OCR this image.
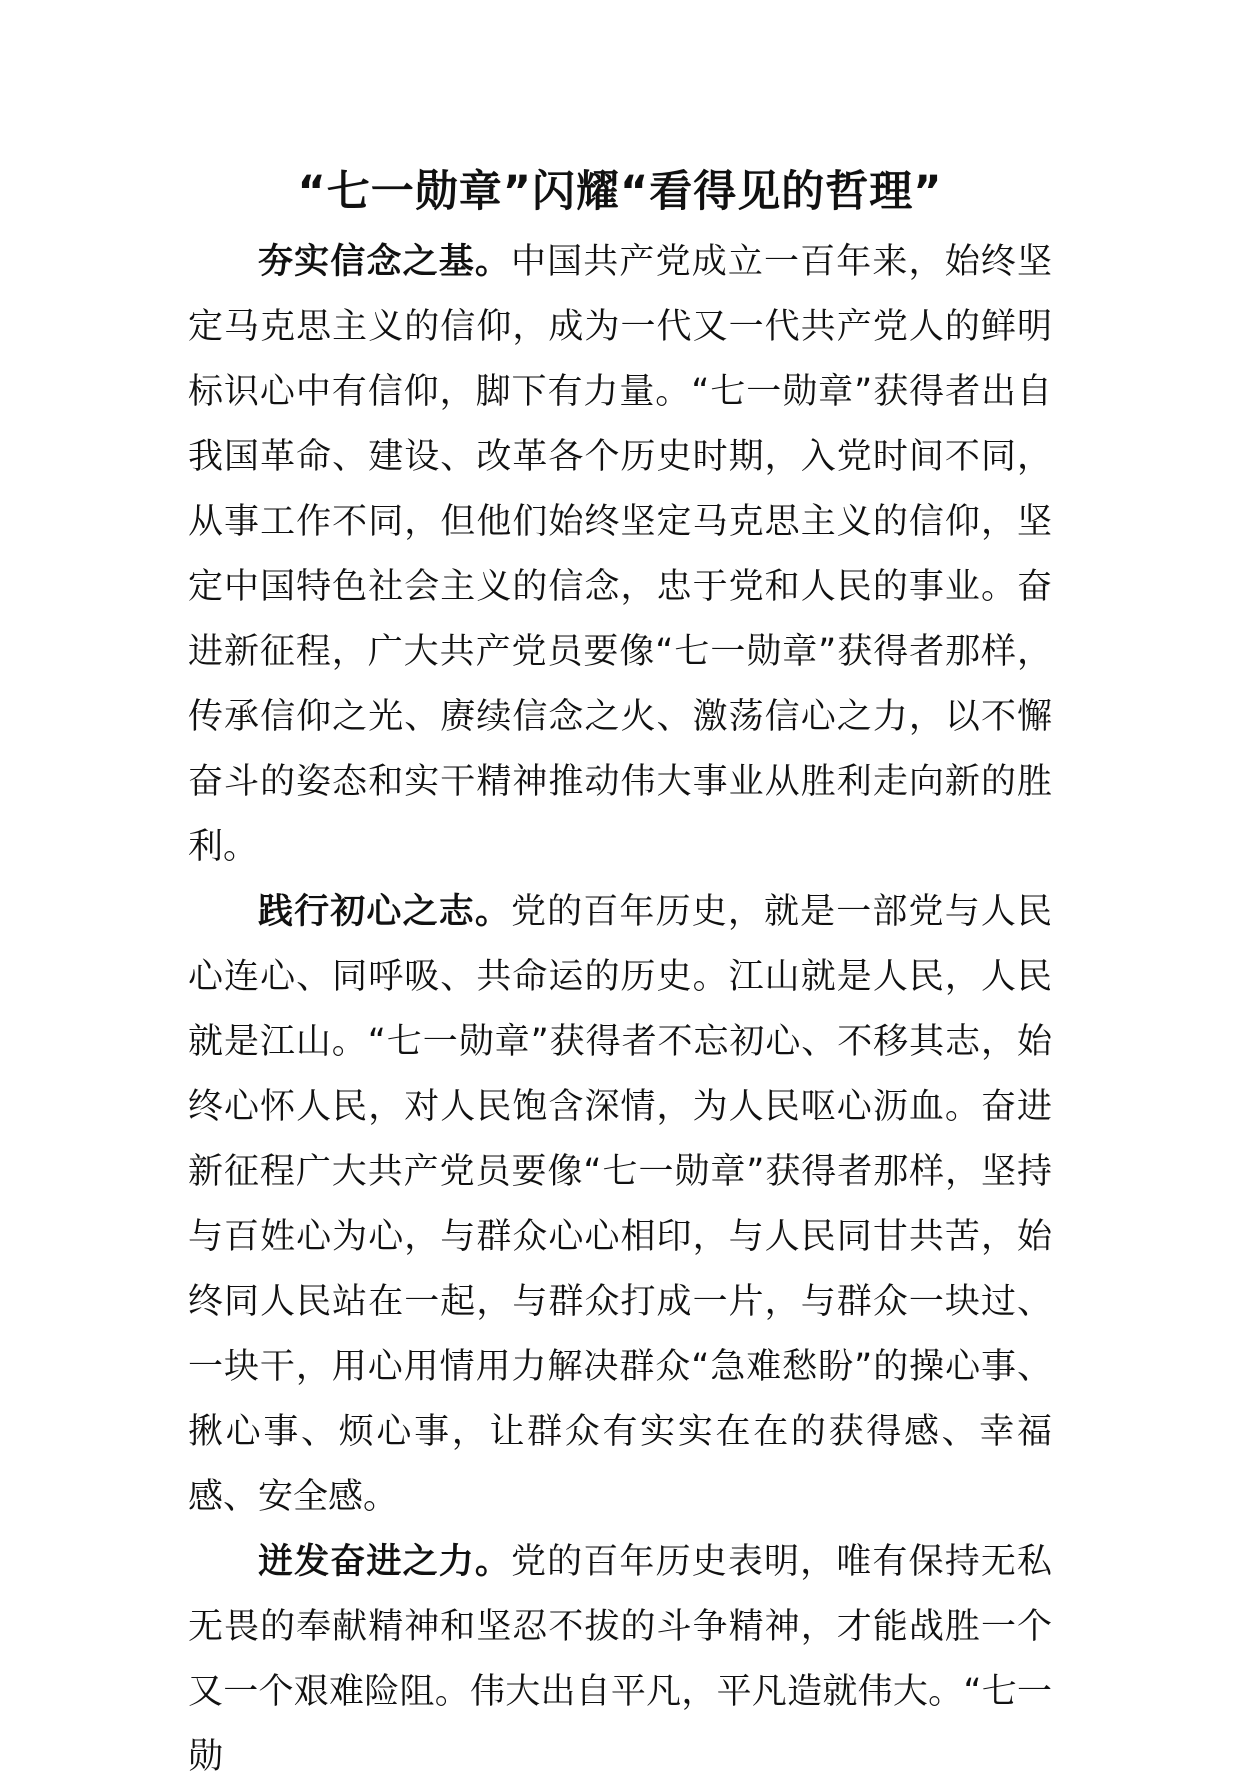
“七一勋章”闪耀“看得见的哲理”

夯实信念之基。中国共产党成立一百年来，始终坚定马克思主义的信仰，成为一代又一代共产党人的鲜明标识心中有信仰，脚下有力量。“七一勋章”获得者出自我国革命、建设、改革各个历史时期，入党时间不同，从事工作不同，但他们始终坚定马克思主义的信仰，坚定中国特色社会主义的信念，忠于党和人民的事业。奋进新征程，广大共产党员要像“七一勋章”获得者那样，传承信仰之光、赓续信念之火、激荡信心之力，以不懈奋斗的姿态和实干精神推动伟大事业从胜利走向新的胜利。

践行初心之志。党的百年历史，就是一部党与人民心连心、同呼吸、共命运的历史。江山就是人民，人民就是江山。“七一勋章”获得者不忘初心、不移其志，始终心怀人民，对人民饱含深情，为人民呕心沥血。奋进新征程广大共产党员要像“七一勋章”获得者那样，坚持与百姓心为心，与群众心心相印，与人民同甘共苦，始终同人民站在一起，与群众打成一片，与群众一块过、一块干，用心用情用力解决群众“急难愁盼”的操心事、揪心事、烦心事，让群众有实实在在的获得感、幸福感、安全感。

迸发奋进之力。党的百年历史表明，唯有保持无私无畏的奉献精神和坚忍不拔的斗争精神，才能战胜一个又一个艰难险阻。伟大出自平凡，平凡造就伟大。“七一勋
